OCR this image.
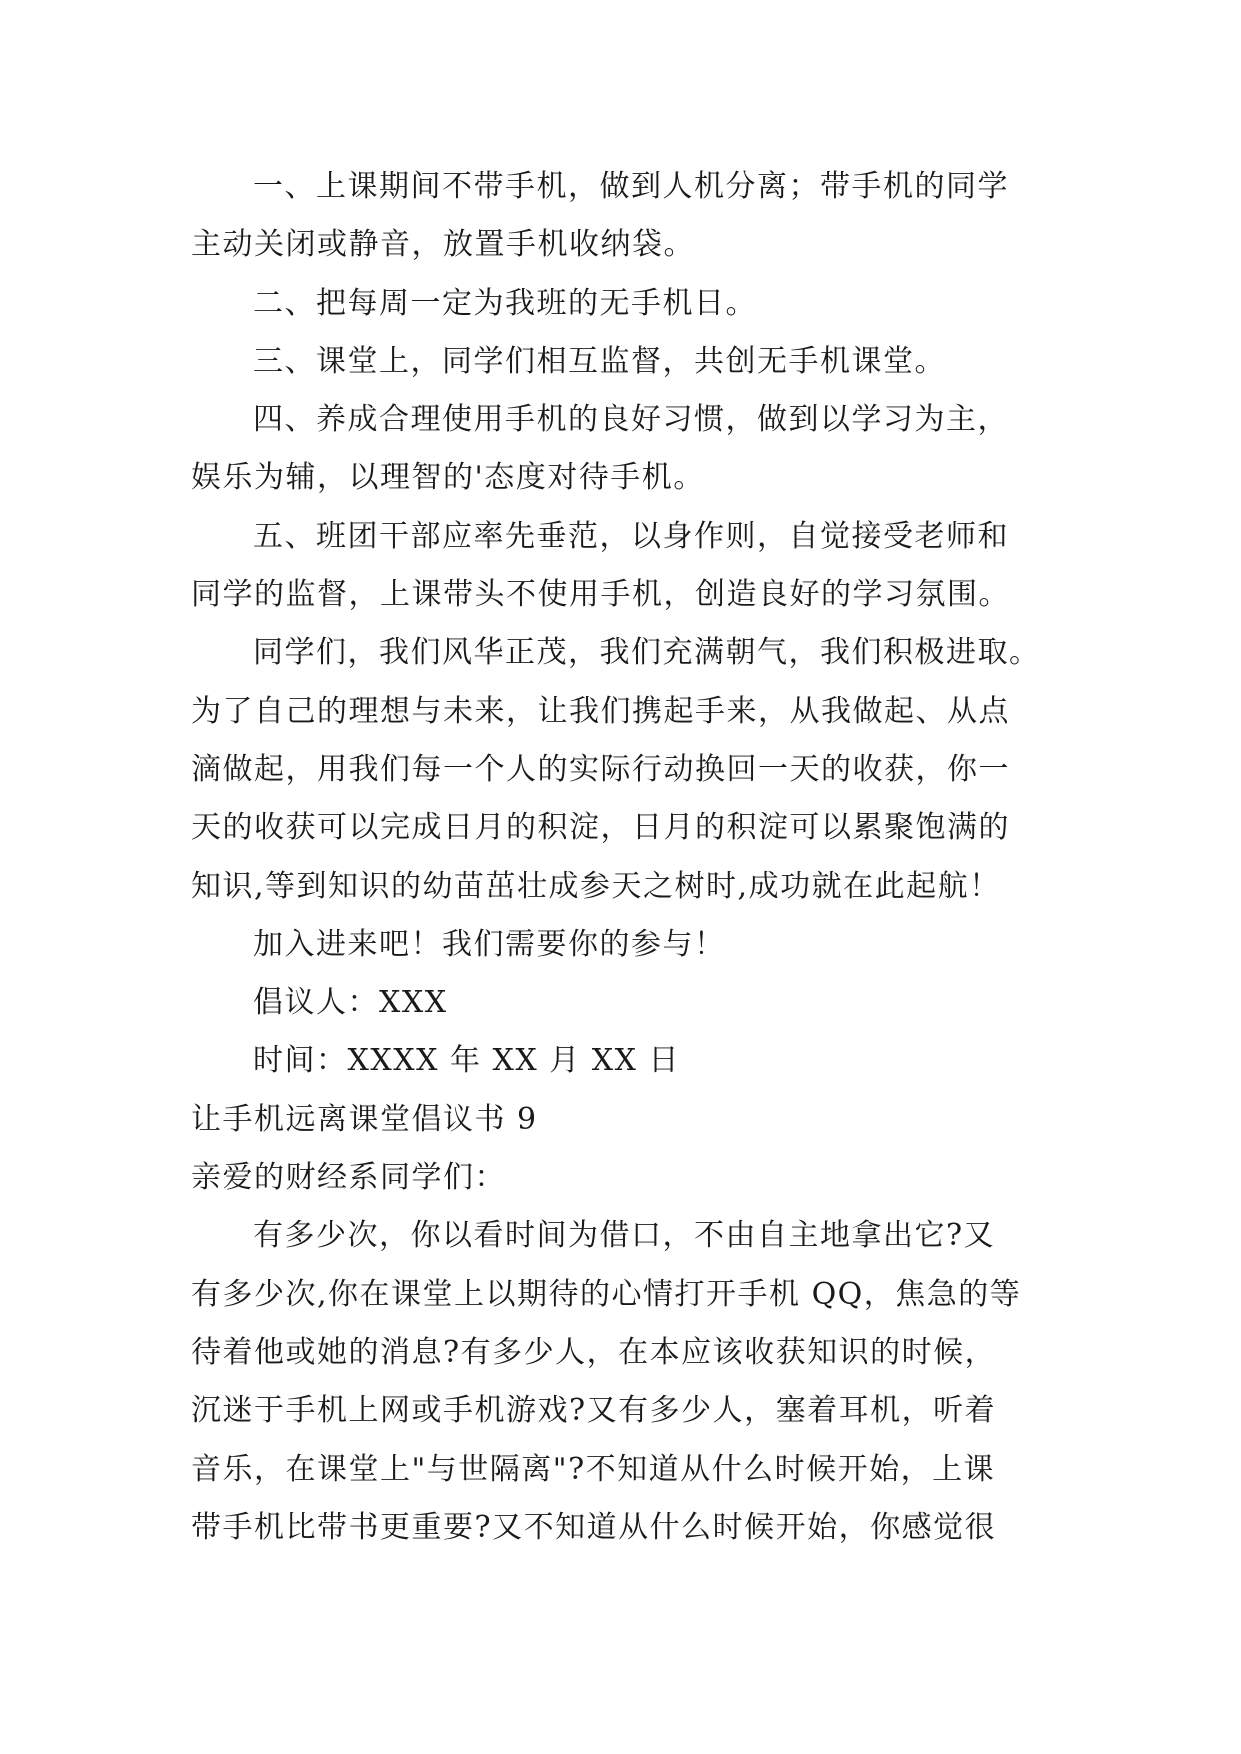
一、上课期间不带手机，做到人机分离；带手机的同学
主动关闭或静音，放置手机收纳袋。
二、把每周一定为我班的无手机日。
三、课堂上，同学们相互监督，共创无手机课堂。
四、养成合理使用手机的良好习惯，做到以学习为主，
娱乐为辅，以理智的'态度对待手机。
五、班团干部应率先垂范，以身作则，自觉接受老师和
同学的监督，上课带头不使用手机，创造良好的学习氛围。
同学们，我们风华正茂，我们充满朝气，我们积极进取。
为了自己的理想与未来，让我们携起手来，从我做起、从点
滴做起，用我们每一个人的实际行动换回一天的收获，你一
天的收获可以完成日月的积淀，日月的积淀可以累聚饱满的
知识,等到知识的幼苗茁壮成参天之树时,成功就在此起航！
加入进来吧！我们需要你的参与！
倡议人：XXX
时间：XXXX 年 XX 月 XX 日
让手机远离课堂倡议书 9
亲爱的财经系同学们：
有多少次，你以看时间为借口，不由自主地拿出它?又
有多少次,你在课堂上以期待的心情打开手机 QQ，焦急的等
待着他或她的消息?有多少人，在本应该收获知识的时候，
沉迷于手机上网或手机游戏?又有多少人，塞着耳机，听着
音乐，在课堂上"与世隔离"?不知道从什么时候开始，上课
带手机比带书更重要?又不知道从什么时候开始，你感觉很
